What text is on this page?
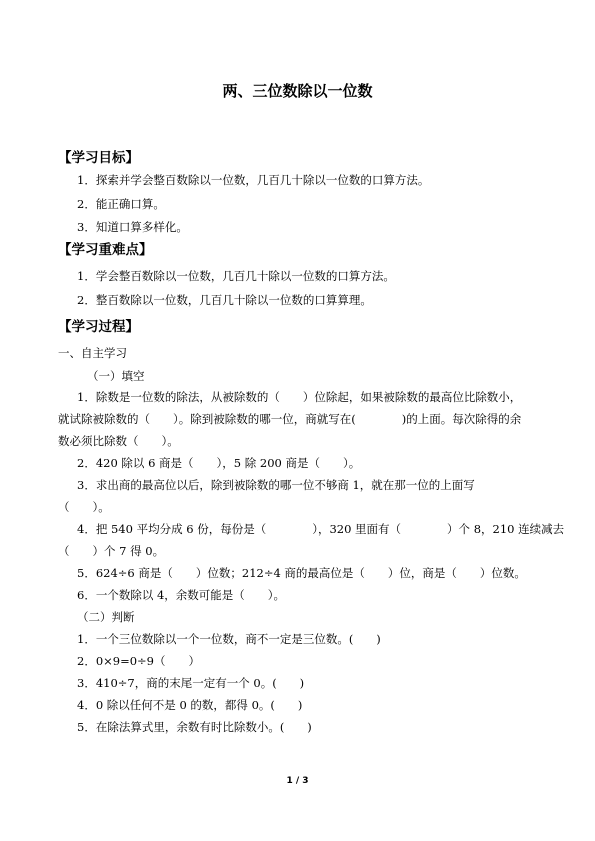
两、三位数除以一位数
【学习目标】
1．探索并学会整百数除以一位数，几百几十除以一位数的口算方法。
2．能正确口算。
3．知道口算多样化。
【学习重难点】
1．学会整百数除以一位数，几百几十除以一位数的口算方法。
2．整百数除以一位数，几百几十除以一位数的口算算理。
【学习过程】
一、自主学习
（一）填空
1．除数是一位数的除法，从被除数的（　　）位除起，如果被除数的最高位比除数小，
就试除被除数的（　　）。除到被除数的哪一位，商就写在(　　　　)的上面。每次除得的余
数必须比除数（　　）。
2．420 除以 6 商是（　　），5 除 200 商是（　　）。
3．求出商的最高位以后，除到被除数的哪一位不够商 1，就在那一位的上面写
（　　）。
4．把 540 平均分成 6 份，每份是（　　　　），320 里面有（　　　　）个 8，210 连续减去
（　　）个 7 得 0。
5．624÷6 商是（　　）位数；212÷4 商的最高位是（　　）位，商是（　　）位数。
6．一个数除以 4，余数可能是（　　）。
（二）判断
1．一个三位数除以一个一位数，商不一定是三位数。(　　)
2．0×9=0÷9（　　）
3．410÷7，商的末尾一定有一个 0。(　　)
4．0 除以任何不是 0 的数，都得 0。(　　)
5．在除法算式里，余数有时比除数小。(　　)
1 / 3
